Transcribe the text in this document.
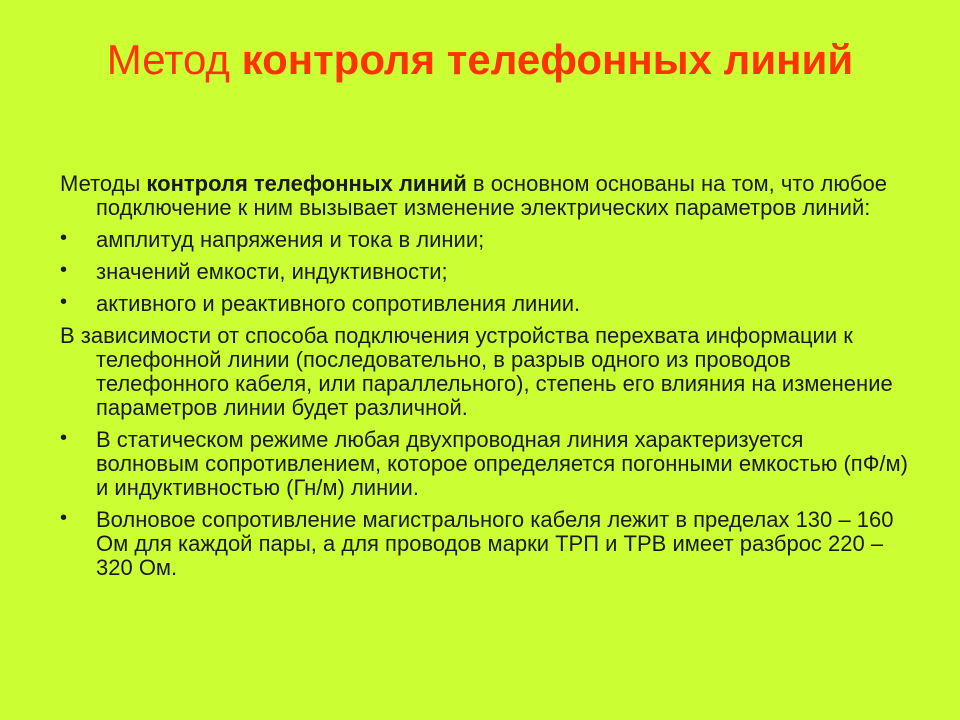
Метод контроля телефонных линий

Методы контроля телефонных линий в основном основаны на том, что любое подключение к ним вызывает изменение электрических параметров линий:

• амплитуд напряжения и тока в линии;
• значений емкости, индуктивности;
• активного и реактивного сопротивления линии.

В зависимости от способа подключения устройства перехвата информации к телефонной линии (последовательно, в разрыв одного из проводов телефонного кабеля, или параллельного), степень его влияния на изменение параметров линии будет различной.

• В статическом режиме любая двухпроводная линия характеризуется волновым сопротивлением, которое определяется погонными емкостью (пФ/м) и индуктивностью (Гн/м) линии.
• Волновое сопротивление магистрального кабеля лежит в пределах 130 – 160 Ом для каждой пары, а для проводов марки ТРП и ТРВ имеет разброс 220 – 320 Ом.
